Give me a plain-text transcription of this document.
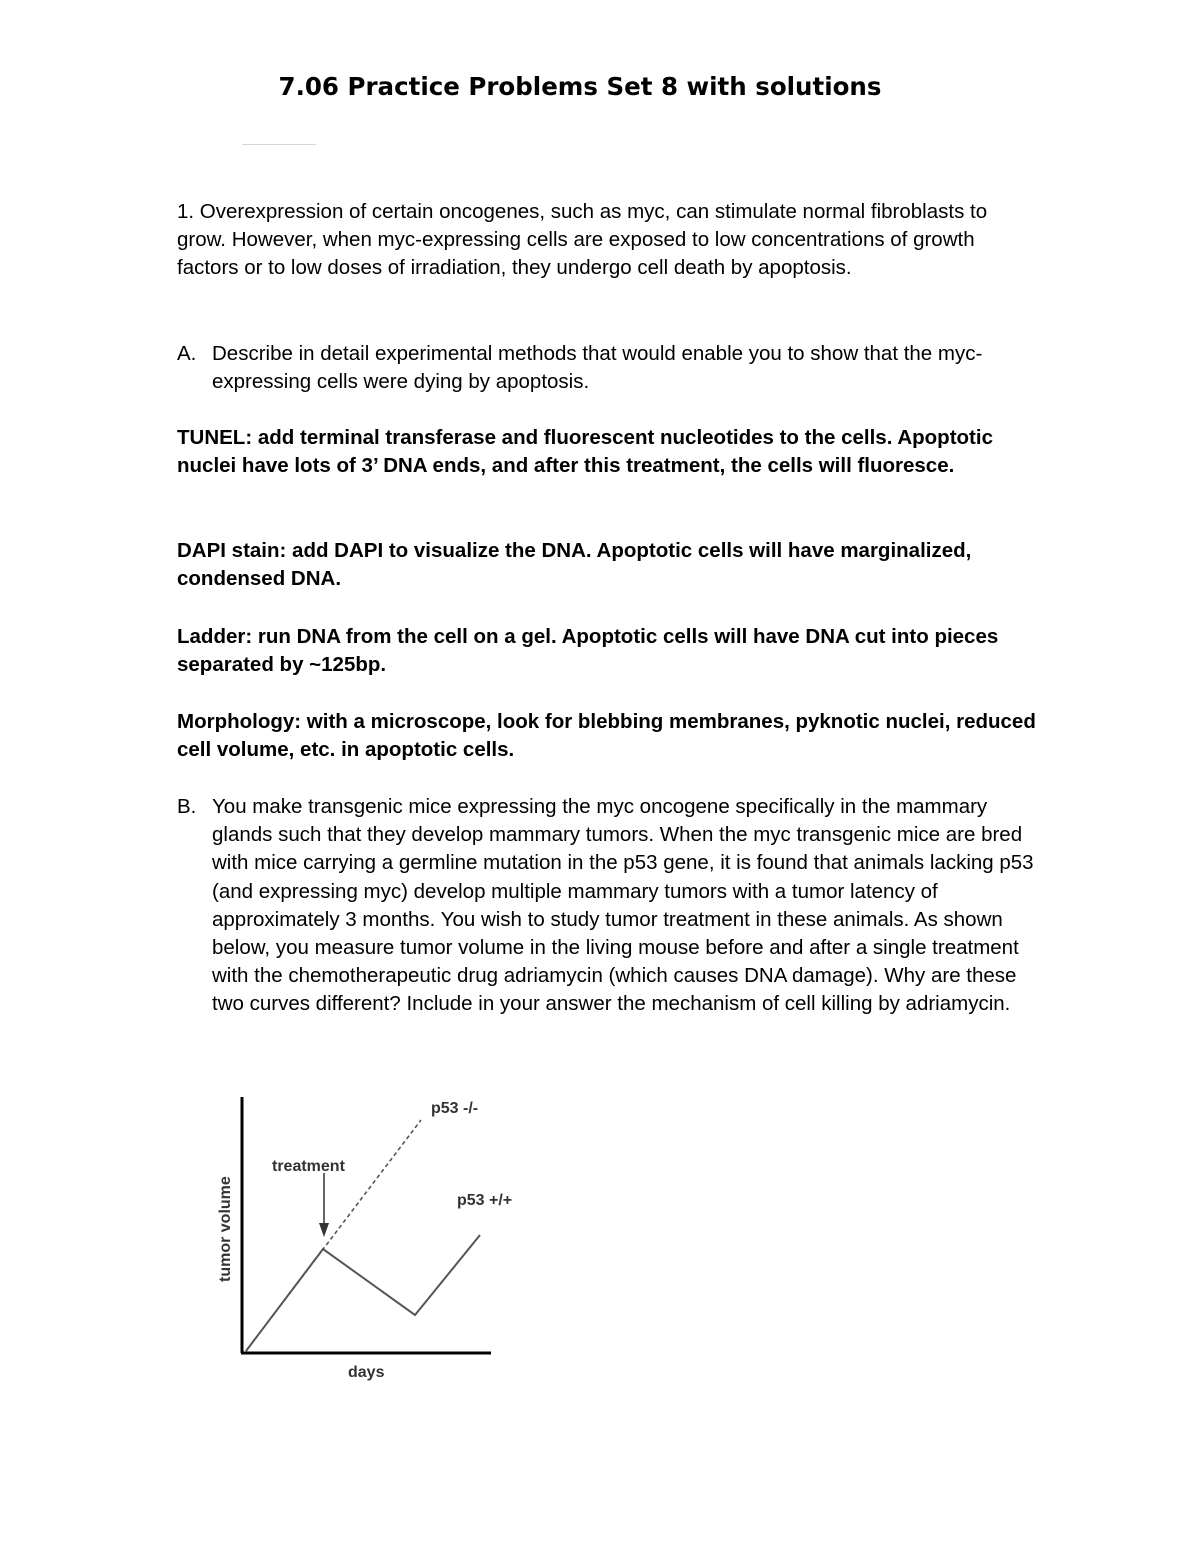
7.06 Practice Problems Set 8 with solutions

1. Overexpression of certain oncogenes, such as myc, can stimulate normal fibroblasts to grow. However, when myc-expressing cells are exposed to low concentrations of growth factors or to low doses of irradiation, they undergo cell death by apoptosis.

A. Describe in detail experimental methods that would enable you to show that the myc-expressing cells were dying by apoptosis.

TUNEL: add terminal transferase and fluorescent nucleotides to the cells. Apoptotic nuclei have lots of 3’ DNA ends, and after this treatment, the cells will fluoresce.

DAPI stain: add DAPI to visualize the DNA. Apoptotic cells will have marginalized, condensed DNA.

Ladder: run DNA from the cell on a gel. Apoptotic cells will have DNA cut into pieces separated by ~125bp.

Morphology: with a microscope, look for blebbing membranes, pyknotic nuclei, reduced cell volume, etc. in apoptotic cells.

B. You make transgenic mice expressing the myc oncogene specifically in the mammary glands such that they develop mammary tumors. When the myc transgenic mice are bred with mice carrying a germline mutation in the p53 gene, it is found that animals lacking p53 (and expressing myc) develop multiple mammary tumors with a tumor latency of approximately 3 months. You wish to study tumor treatment in these animals. As shown below, you measure tumor volume in the living mouse before and after a single treatment with the chemotherapeutic drug adriamycin (which causes DNA damage). Why are these two curves different? Include in your answer the mechanism of cell killing by adriamycin.
treatment
p53 -/-
p53 +/+
days
tumor volume
